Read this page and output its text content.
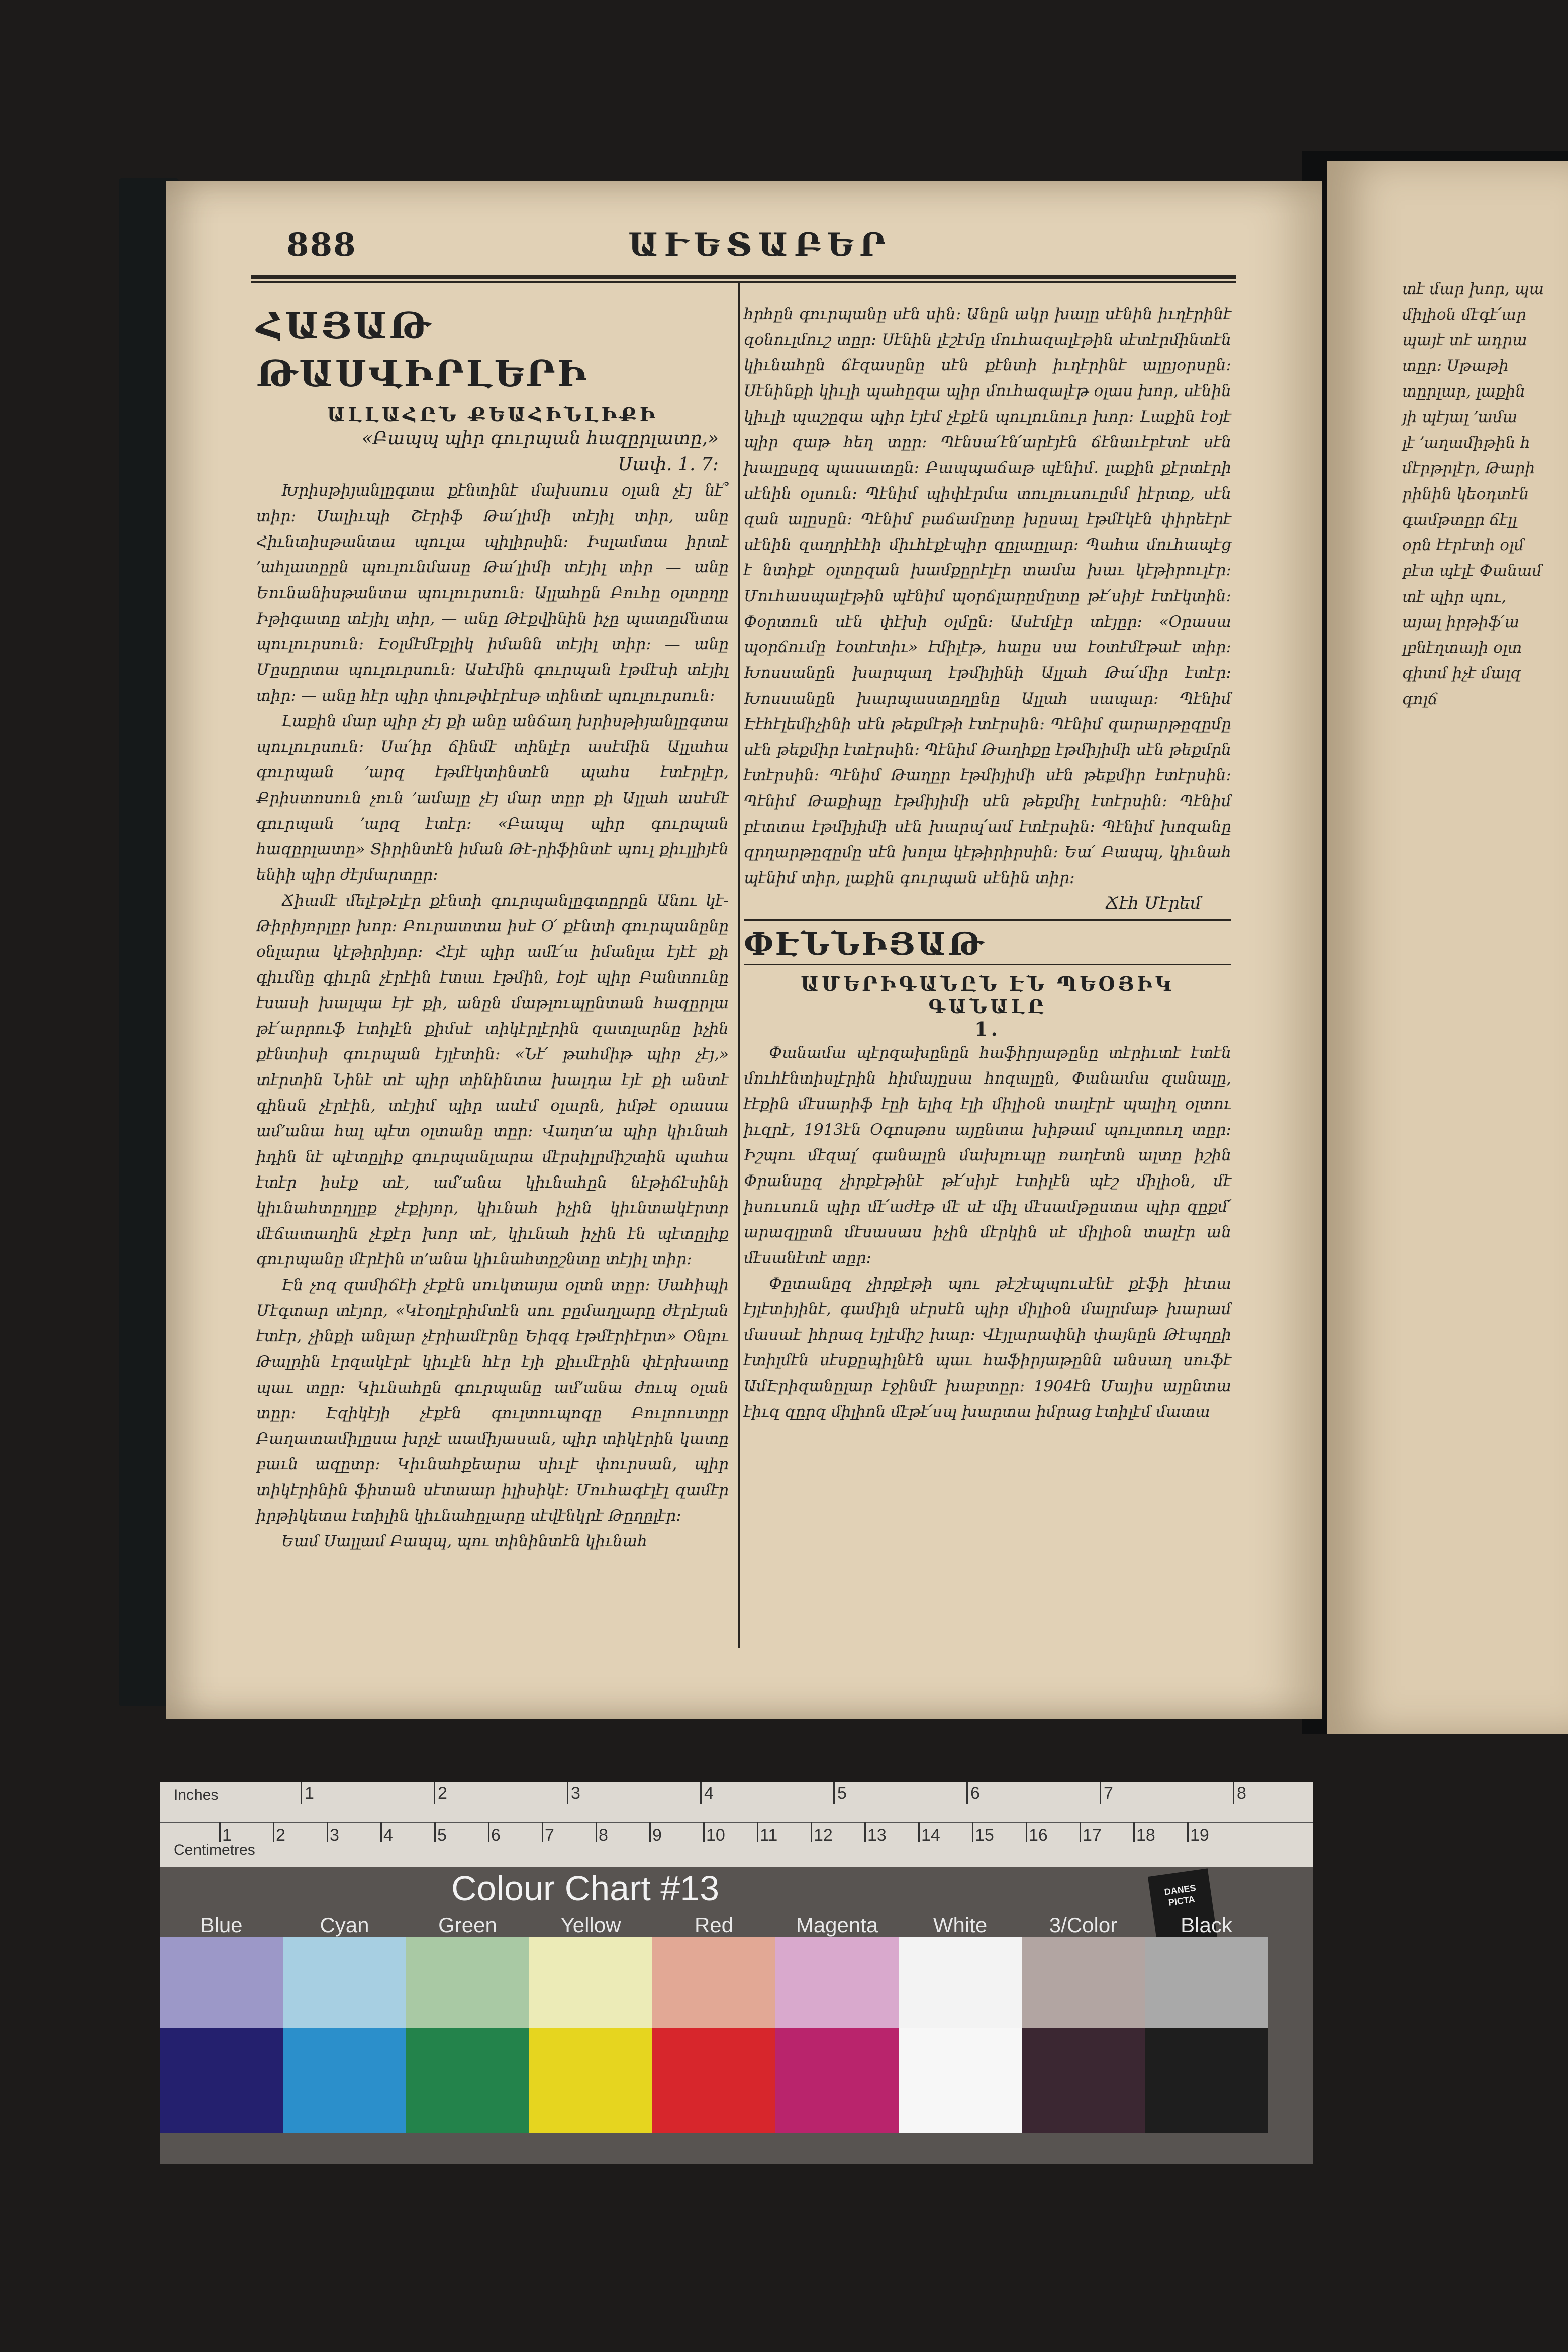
888	ԱՒԵՏԱԲԵՐ
ՀԱՅԱԹ ԹԱՍՎԻՐԼԵՐԻ
ԱԼԼԱՀԸՆ ՔԵԱՀԻՆԼԻՔԻ
«Բապպ պիր գուրպան հազըրլատը,»
Սափ. 1. 7։

Խրիսթիյանլըգտա քէնտինէ մախսուս օլան չէյ նէ՞ տիր։ Սալիւպի Շէրիֆ Թա՛լիմի տէյիլ տիր, անը Հիւնտիսթանտա պուլա պիլիրսին։ Իսլամտա իրտէ ՚ահլատըըն պուլունմասը Թա՛լիմի տէյիլ տիր — անը Եունանիսթանտա պուլուրսուն։ Ալլահըն Բուհը օլտըղը Իթիգատը տէյիլ տիր, — անը Թէքվինին իչը պատըմնտա պուլուրսուն։ Էօլմէմէքլիկ իմանն տէյիլ տիր։ — անը Մըսըրտա պուլուրսուն։ Ասէմին գուրպան էթմէսի տէյիլ տիր։ — անը հէր պիր փութփէրէսթ տինտէ պուլուրսուն։

Լաքին մար պիր չէյ քի անը անճաղ խրիսթիյանլըգտա պուլուրսուն։ Սա՛իր ճինմէ տինլէր ասէմին Ալլահա գուրպան ՚արզ էթմէկտինտէն պահս էտէրլէր, Քրիստոսուն չուն ՚ամալը չէյ մար տըր քի Ալլահ ասէմէ գուրպան ՚արզ էտէր։ «Բապպ պիր գուրպան հազըրլատը» Տիրինտէն իման Թէ-րիֆինտէ պուլ քիւլլիյէն ենիի պիր ժէյմարտըր։

Ճիամէ մելէթէլէր քէնտի գուրպանլըգտըրըն Անու կէ-Թիրիյորլըր խոր։ Բուրատտա իսէ Օ՛ քէնտի գուրպանընը օնլարա կէթիրիյոր։ Հէյէ պիր ամէ՛ա իմանլա էյէէ քի գիւմնը գիւրն չէրէին էտաւ էթմին, էօյէ պիր Բանտունը էսասի խալպա էյէ քի, անըն մաթլուպընտան հազըրլա թէ՛արրուֆ էտիլէն քիմսէ տիկէրլէրին զատլարնը իչին քէնտիսի գուրպան էյլէտին։ «Նէ՛ թահմիթ պիր չէյ,» տէրտին Նինէ տէ պիր տինինտա խալդա էյէ քի անտէ գինսն չէրէին, տէյիմ պիր ասէմ օլարն, իմթէ օրասա ամ՚անա հալ պէտ օլտանը տըր։ Վաղտ՚ա պիր կիւնահ իդին նէ պէտըլիք գուրպանլարա մէրսիլրմիշտին պահա էտէր իսէք տէ, ամ՚անա կիւնահըն նէթիճէսինի կիւնահտըղլըք չէքիյոր, կիւնահ իչին կիւնտակէրտր մէճատաղին չէքէր խոր տէ, կիւնահ իչին էն պէտըլիք գուրպանը մէրէին տ՚անա կիւնահտըշնտը տէյիլ տիր։

Էն չոզ զամիճէի չէքէն սուկտայա օլտն տըր։ Սահիպի Մէգտար տէյոր, «Կէօղլէրիմտէն սու բըմաղլարը ժէրէյան էտէր, չինքի անլար չէրիամէրնը Եիզգ էթմէրիէրտ» Օնլու Թալրին էրզակէրէ կիւլէն հէր էյի քիւմէրին փէրխատը պաւ տըր։ Կիւնահըն գուրպանը ամ՚անա ժուպ օլան տըր։ Էզիկէյի չէքէն գուլտուպոզը Բուլոուտըր Բաղատամիլըսա խրչէ աամիյասան, պիր տիկէրին կատը բաւն ազըտր։ Կիւնահքեարա սիւլէ փուրսան, պիր տիկէրինին ֆիտան սէտաար իլիսիկէ։ Մուհագէլէլ զամէր իրթիկետա էտիլին կիւնահըլարը սէվէնկրէ Թըղըլէր։

Եամ Սալլամ Բապպ, պու տինինտէն կիւնահ

հրհըն գուրպանը սէն սին։ Անըն ակր խալը սէնին իւղէրինէ զօնուլմուշ տըր։ Սէնին լէշէմը մուհազալէթին սէտէրմինտէն կիւնահըն ճէզասընը սէն քէնտի իւղէրինէ ալըյօրսըն։ Սէնինքի կիւլի պահըզա պիր մուհազալէթ օլաս խոր, սէնին կիւլի պաշըզա պիր էյէմ չէքէն պուլունուր խոր։ Լաքին էօյէ պիր զաթ հեղ տըր։ Պէնսա՛էն՛արէյէն ճէնաւէբէտէ սէն խալըսըզ պասատըն։ Բապպաճաթ պէնիմ․ լաքին քէրտէրի սէնին օլսուն։ Պէնիմ պիփէրմա տուլուսուըմմ իէրտք, սէն զան ալըսըն։ Պէնիմ բաճամըտը խըսալ էթմէկէն փիրեէրէ սէնին զաղրիէհի միւհէքէպիր զըլաըլար։ Պահա մուհապէց է նտիքէ օլտըզան խամքըրէլէր տամա խաւ կէթիրուլէր։ Մուհասպալէթին պէնիմ պօրճլարըմըտը թէ՛սիյէ էտէկտին։ Փօրտուն սէն փէխի օլմըն։ Ասէմլէր տէյըր։ «Օրասա պօրճումը էօտէտիւ» էմիլէթ, հաըս սա էօտէմէթաէ տիր։ Խոսսանըն խարպաղ էթմիյինի Ալլահ Թա՛միր էտէր։ Խոսսանըն խարպաստըղընը Ալլահ սապար։ Պէնիմ Էէհէլեմիչինի սէն թեքմէթի էտէրսին։ Պէնիմ զարարթըզըմը սէն թեքմիր էտէրսին։ Պէնիմ Թաղիքը էթմիյիմի սէն թեքմրն էտէրսին։ Պէնիմ Թաղըր էթմիյիմի սէն թեքմիր էտէրսին։ Պէնիմ Թաքիպը էթմիյիմի սէն թեքմիլ էտէրսին։ Պէնիմ բէտտա էթմիյիմի սէն խարպ՛ամ էտէրսին։ Պէնիմ խոզանը զրղարթըզըմը սէն խոլա կէթիրիրսին։ Եա՛ Բապպ, կիւնահ պէնիմ տիր, լաքին գուրպան սէնին տիր։

Ճէհ Մէրեմ
ՓԷՆՆԻՅԱԹ
ԱՄԵՐԻԳԱՆԸՆ ԷՆ ՊԵՕՅԻԿ ԳԱՆԱԼԸ
1.

Փանամա պէրզախընըն հաֆիրյաթընը տէրիւտէ էտէն մուհէնտիսլէրին հիմայըսա հոզալըն, Փանամա զանալը, էէքին մէսարիֆ էըի ելիզ էլի միլիօն տալէրէ պալիղ օլտու իւզրէ, 1913էն Օգոսթոս այընտա խիթամ պուլտուղ տըր։ Իշպու մէզալ՛ գանալըն մախլուպը ռաղէտն ալտը իշին Փրանսըզ չիրքէթինէ թէ՛սիյէ էտիլէն պէշ միլիօն, մէ իսուսուն պիր մէ՛աժէթ մէ սէ միլ մէսամթըստա պիր զըքմ՛ արազլըտն մէսասաս իչին մէրկին սէ միլիօն տալէր ան մէսանէտէ տըր։

Փըտանըզ չիրքէթի պու թէշէպպուսէնէ քէֆի իէտա էյլէտիյինէ, գամիլն սէրսէն պիր միլիօն մալրմաթ խարամ մասաէ իհրազ էյլէմիշ խար։ Վէյլարափնի փայնըն Թէպղըի էտիլմէն սէսքըպիլնէն պաւ հաֆիրյաթընն անսաղ սուֆէ ԱմԷրիզանըլար էջինմէ խաբտըր։ 1904էն Մայիս այընտա էիւզ զըրզ միլիոն մէթէ՛սպ խարտա իմրաց էտիլէմ մատա

տէ մար խոր, պա
միլիօն մէգէ՛ար
պայէ տէ ադրա
տըր։ Սթաթի
տըրլար, լաքին
յի պէյալ ՚ամա
լէ ՚աղամիթին հ
մէրթրլէր, Թարի
րինին կեօդտէն
գամթտըր ճէլլ
օրն էէրէտի օլմ
բէտ պէլէ Փանամ
տէ պիր պու,
այալ իրթիֆ՛ա
լբնէղտայի օլտ
գիտմ իչէ մալզ
գոլճ
Inches
Centimetres
1	2	3	4	5	6	7	8
1	2	3	4	5	6	7	8	9	10 11 12 13 14 15 16 17 18 19
Colour Chart #13	DANES
PICTA
Blue	Cyan	Green	Yellow	Red	Magenta	White	3/Color	Black
